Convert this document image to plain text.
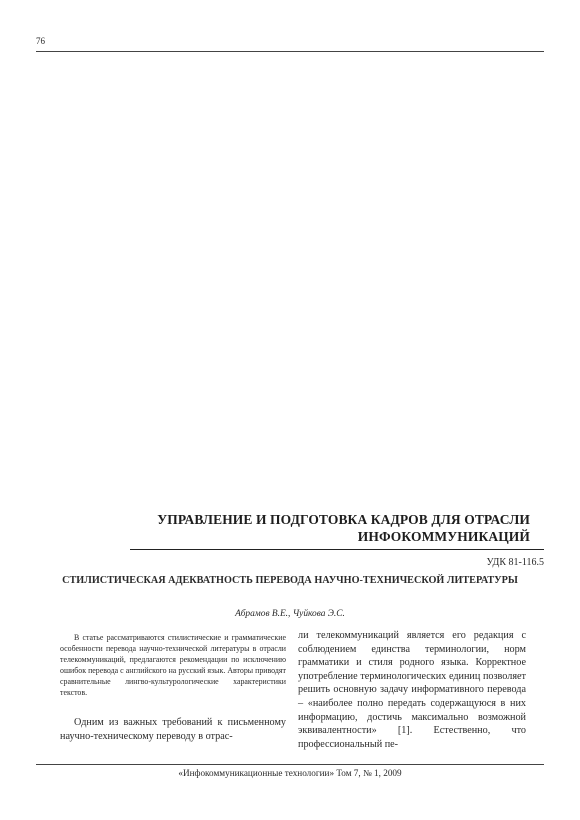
76
УПРАВЛЕНИЕ И ПОДГОТОВКА КАДРОВ ДЛЯ ОТРАСЛИ ИНФОКОММУНИКАЦИЙ
УДК 81-116.5
СТИЛИСТИЧЕСКАЯ АДЕКВАТНОСТЬ ПЕРЕВОДА НАУЧНО-ТЕХНИЧЕСКОЙ ЛИТЕРАТУРЫ
Абрамов В.Е., Чуйкова Э.С.

В статье рассматриваются стилистические и грамматические особенности перевода научно-технической литературы в отрасли телекоммуникаций, предлагаются рекомендации по исключению ошибок перевода с английского на русский язык. Авторы приводят сравнительные лингво-культурологические характеристики текстов.

Одним из важных требований к письменному научно-техническому переводу в отрас-

ли телекоммуникаций является его редакция с соблюдением единства терминологии, норм грамматики и стиля родного языка. Корректное употребление терминологических единиц позволяет решить основную задачу информативного перевода – «наиболее полно передать содержащуюся в них информацию, достичь максимально возможной эквивалентности» [1]. Естественно, что профессиональный пе-

«Инфокоммуникационные технологии» Том 7, № 1, 2009
